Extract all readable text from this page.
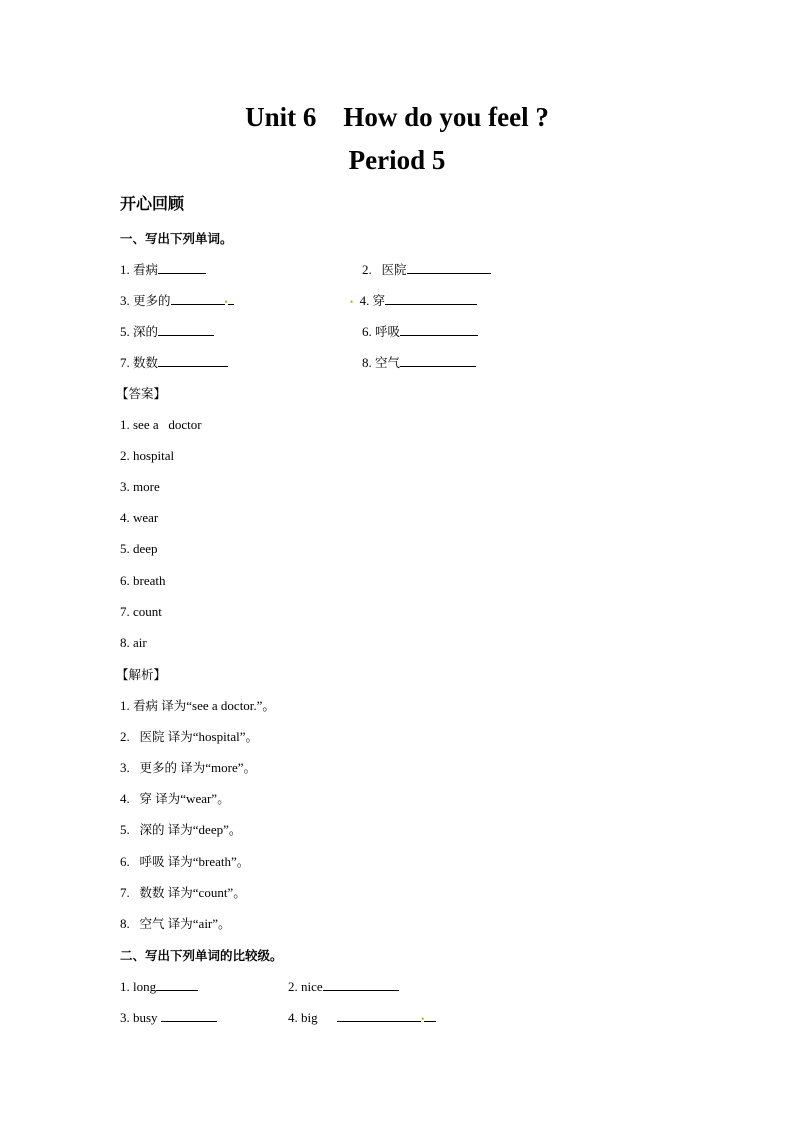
Unit 6　How do you feel ?
Period 5
开心回顾
一、写出下列单词。
1. 看病	2. 医院
3. 更多的	•	• 4. 穿
5. 深的	6. 呼吸
7. 数数	8. 空气
【答案】
1. see a   doctor
2. hospital
3. more
4. wear
5. deep
6. breath
7. count
8. air
【解析】
1. 看病 译为“see a doctor.”。
2. 医院 译为“hospital”。
3. 更多的 译为“more”。
4. 穿 译为“wear”。
5. 深的 译为“deep”。
6. 呼吸 译为“breath”。
7. 数数 译为“count”。
8. 空气 译为“air”。
二、写出下列单词的比较级。
1. long	2. nice
3. busy	4. big	•
